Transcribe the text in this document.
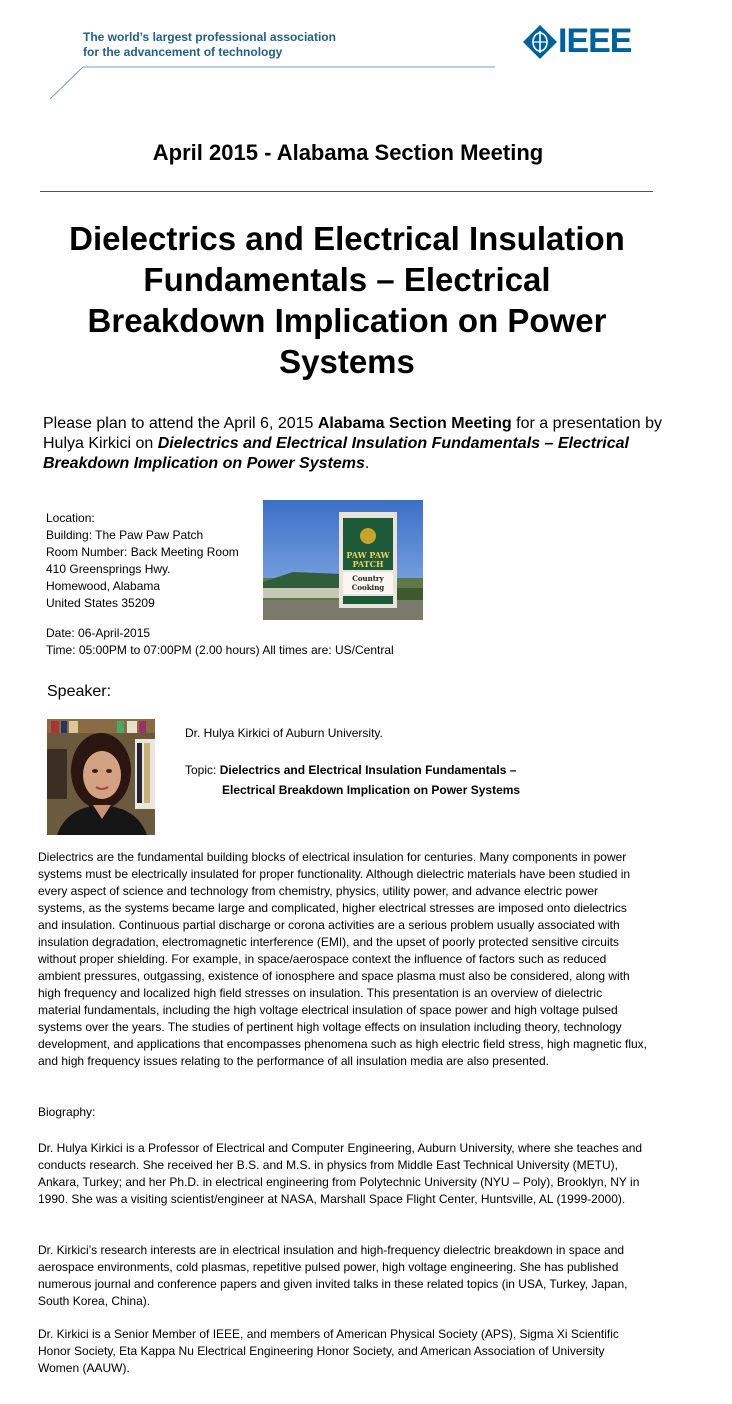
The world’s largest professional association
for the advancement of technology	IEEE
April 2015 - Alabama Section Meeting
Dielectrics and Electrical Insulation
Fundamentals – Electrical
Breakdown Implication on Power
Systems
Please plan to attend the April 6, 2015 Alabama Section Meeting for a presentation by Hulya Kirkici on Dielectrics and Electrical Insulation Fundamentals – Electrical Breakdown Implication on Power Systems.
Location:
Building: The Paw Paw Patch
Room Number: Back Meeting Room
410 Greensprings Hwy.
Homewood, Alabama
United States 35209
PAW PAW
PATCH
Country
Cooking
Date: 06-April-2015
Time: 05:00PM to 07:00PM (2.00 hours) All times are: US/Central
Speaker:
Dr. Hulya Kirkici of Auburn University.
Topic: Dielectrics and Electrical Insulation Fundamentals –
Electrical Breakdown Implication on Power Systems
Dielectrics are the fundamental building blocks of electrical insulation for centuries. Many components in power systems must be electrically insulated for proper functionality. Although dielectric materials have been studied in every aspect of science and technology from chemistry, physics, utility power, and advance electric power systems, as the systems became large and complicated, higher electrical stresses are imposed onto dielectrics and insulation. Continuous partial discharge or corona activities are a serious problem usually associated with insulation degradation, electromagnetic interference (EMI), and the upset of poorly protected sensitive circuits without proper shielding. For example, in space/aerospace context the influence of factors such as reduced ambient pressures, outgassing, existence of ionosphere and space plasma must also be considered, along with high frequency and localized high field stresses on insulation. This presentation is an overview of dielectric material fundamentals, including the high voltage electrical insulation of space power and high voltage pulsed systems over the years. The studies of pertinent high voltage effects on insulation including theory, technology development, and applications that encompasses phenomena such as high electric field stress, high magnetic flux, and high frequency issues relating to the performance of all insulation media are also presented.
Biography:
Dr. Hulya Kirkici is a Professor of Electrical and Computer Engineering, Auburn University, where she teaches and conducts research. She received her B.S. and M.S. in physics from Middle East Technical University (METU), Ankara, Turkey; and her Ph.D. in electrical engineering from Polytechnic University (NYU – Poly), Brooklyn, NY in 1990. She was a visiting scientist/engineer at NASA, Marshall Space Flight Center, Huntsville, AL (1999-2000).
Dr. Kirkici’s research interests are in electrical insulation and high-frequency dielectric breakdown in space and aerospace environments, cold plasmas, repetitive pulsed power, high voltage engineering. She has published numerous journal and conference papers and given invited talks in these related topics (in USA, Turkey, Japan, South Korea, China).
Dr. Kirkici is a Senior Member of IEEE, and members of American Physical Society (APS), Sigma Xi Scientific Honor Society, Eta Kappa Nu Electrical Engineering Honor Society, and American Association of University Women (AAUW).
